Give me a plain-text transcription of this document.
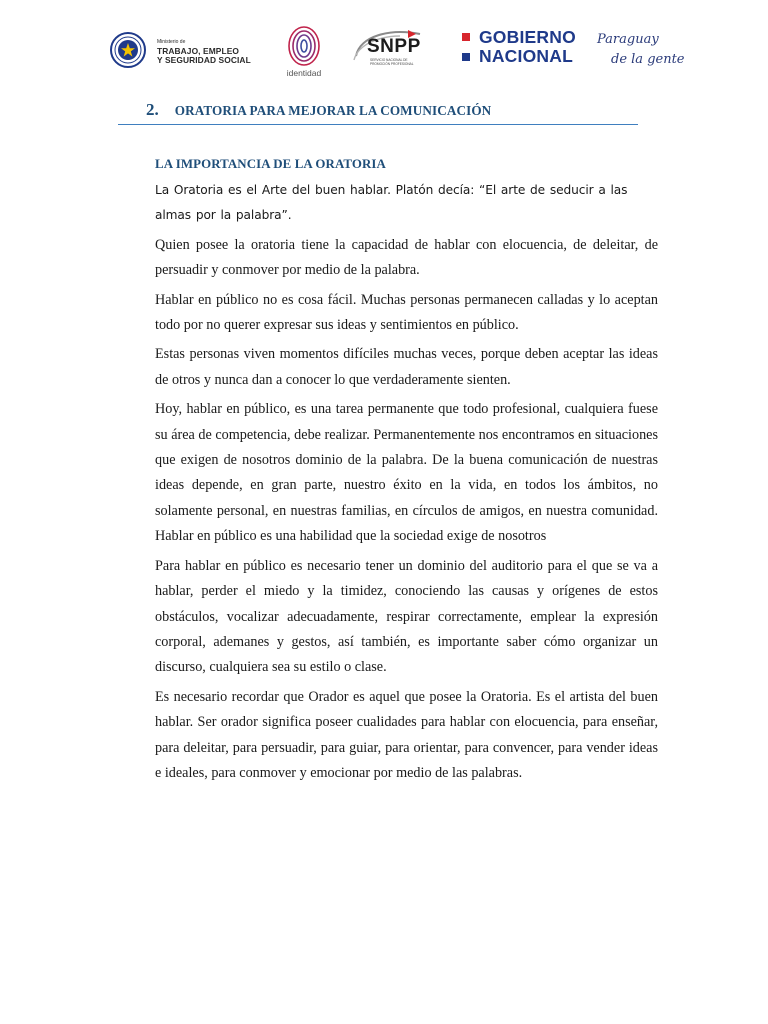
Ministerio de
TRABAJO, EMPLEO
Y SEGURIDAD SOCIAL
identidad
SNPP
SERVICIO NACIONAL DE PROMOCIÓN PROFESIONAL
GOBIERNO
NACIONAL
Paraguay
de la gente
2. ORATORIA PARA MEJORAR LA COMUNICACIÓN
LA IMPORTANCIA DE LA ORATORIA

La Oratoria es el Arte del buen hablar. Platón decía: “El arte de seducir a las almas por la palabra”.

Quien posee la oratoria tiene la capacidad de hablar con elocuencia, de deleitar, de persuadir y conmover por medio de la palabra.

Hablar en público no es cosa fácil. Muchas personas permanecen calladas y lo aceptan todo por no querer expresar sus ideas y sentimientos en público.

Estas personas viven momentos difíciles muchas veces, porque deben aceptar las ideas de otros y nunca dan a conocer lo que verdaderamente sienten.

Hoy, hablar en público, es una tarea permanente que todo profesional, cualquiera fuese su área de competencia, debe realizar. Permanentemente nos encontramos en situaciones que exigen de nosotros dominio de la palabra. De la buena comunicación de nuestras ideas depende, en gran parte, nuestro éxito en la vida, en todos los ámbitos, no solamente personal, en nuestras familias, en círculos de amigos, en nuestra comunidad. Hablar en público es una habilidad que la sociedad exige de nosotros

Para hablar en público es necesario tener un dominio del auditorio para el que se va a hablar, perder el miedo y la timidez, conociendo las causas y orígenes de estos obstáculos, vocalizar adecuadamente, respirar correctamente, emplear la expresión corporal, ademanes y gestos, así también, es importante saber cómo organizar un discurso, cualquiera sea su estilo o clase.

Es necesario recordar que Orador es aquel que posee la Oratoria. Es el artista del buen hablar. Ser orador significa poseer cualidades para hablar con elocuencia, para enseñar, para deleitar, para persuadir, para guiar, para orientar, para convencer, para vender ideas e ideales, para conmover y emocionar por medio de las palabras.
